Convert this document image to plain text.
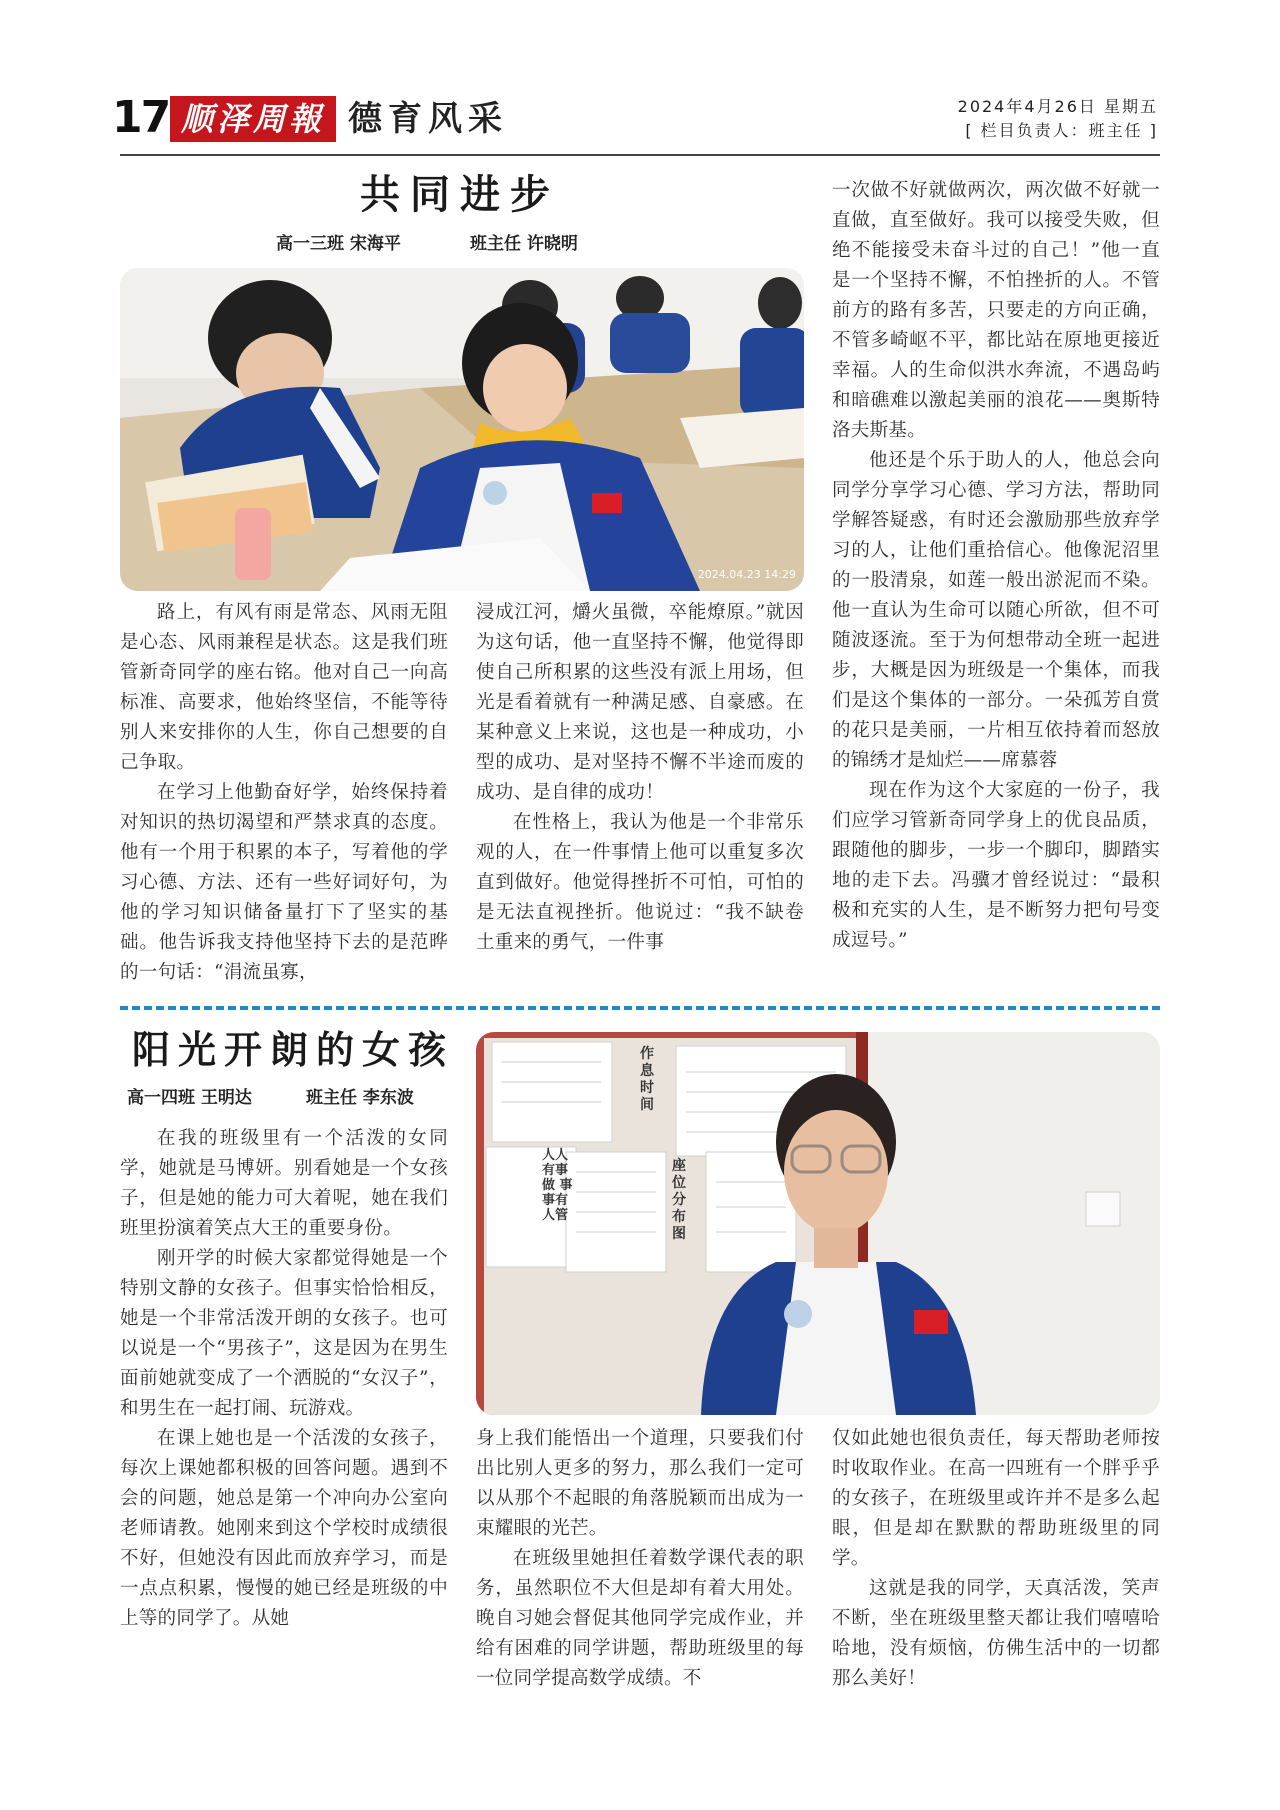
17 顺泽周報 德育风采	2024年4月26日 星期五
[ 栏目负责人：班主任 ]
共同进步
高一三班 宋海平	班主任 许晓明
2024.04.23 14:29

路上，有风有雨是常态、风雨无阻是心态、风雨兼程是状态。这是我们班管新奇同学的座右铭。他对自己一向高标准、高要求，他始终坚信，不能等待别人来安排你的人生，你自己想要的自己争取。

在学习上他勤奋好学，始终保持着对知识的热切渴望和严禁求真的态度。他有一个用于积累的本子，写着他的学习心德、方法、还有一些好词好句，为他的学习知识储备量打下了坚实的基础。他告诉我支持他坚持下去的是范晔的一句话：“涓流虽寡，

浸成江河，爝火虽微，卒能燎原。”就因为这句话，他一直坚持不懈，他觉得即使自己所积累的这些没有派上用场，但光是看着就有一种满足感、自豪感。在某种意义上来说，这也是一种成功，小型的成功、是对坚持不懈不半途而废的成功、是自律的成功！

在性格上，我认为他是一个非常乐观的人，在一件事情上他可以重复多次直到做好。他觉得挫折不可怕，可怕的是无法直视挫折。他说过：“我不缺卷土重来的勇气，一件事

一次做不好就做两次，两次做不好就一直做，直至做好。我可以接受失败，但绝不能接受未奋斗过的自己！”他一直是一个坚持不懈，不怕挫折的人。不管前方的路有多苦，只要走的方向正确，不管多崎岖不平，都比站在原地更接近幸福。人的生命似洪水奔流，不遇岛屿和暗礁难以激起美丽的浪花——奥斯特洛夫斯基。

他还是个乐于助人的人，他总会向同学分享学习心德、学习方法，帮助同学解答疑惑，有时还会激励那些放弃学习的人，让他们重拾信心。他像泥沼里的一股清泉，如莲一般出淤泥而不染。他一直认为生命可以随心所欲，但不可随波逐流。至于为何想带动全班一起进步，大概是因为班级是一个集体，而我们是这个集体的一部分。一朵孤芳自赏的花只是美丽，一片相互依持着而怒放的锦绣才是灿烂——席慕蓉

现在作为这个大家庭的一份子，我们应学习管新奇同学身上的优良品质，跟随他的脚步，一步一个脚印，脚踏实地的走下去。冯骥才曾经说过：“最积极和充实的人生，是不断努力把句号变成逗号。”

阳光开朗的女孩
高一四班 王明达	班主任 李东波
作息时间
人人有事做 事事有人管
座位分布图

在我的班级里有一个活泼的女同学，她就是马博妍。别看她是一个女孩子，但是她的能力可大着呢，她在我们班里扮演着笑点大王的重要身份。

刚开学的时候大家都觉得她是一个特别文静的女孩子。但事实恰恰相反，她是一个非常活泼开朗的女孩子。也可以说是一个“男孩子”，这是因为在男生面前她就变成了一个洒脱的“女汉子”，和男生在一起打闹、玩游戏。

在课上她也是一个活泼的女孩子，每次上课她都积极的回答问题。遇到不会的问题，她总是第一个冲向办公室向老师请教。她刚来到这个学校时成绩很不好，但她没有因此而放弃学习，而是一点点积累，慢慢的她已经是班级的中上等的同学了。从她

身上我们能悟出一个道理，只要我们付出比别人更多的努力，那么我们一定可以从那个不起眼的角落脱颖而出成为一束耀眼的光芒。

在班级里她担任着数学课代表的职务，虽然职位不大但是却有着大用处。晚自习她会督促其他同学完成作业，并给有困难的同学讲题，帮助班级里的每一位同学提高数学成绩。不

仅如此她也很负责任，每天帮助老师按时收取作业。在高一四班有一个胖乎乎的女孩子，在班级里或许并不是多么起眼，但是却在默默的帮助班级里的同学。

这就是我的同学，天真活泼，笑声不断，坐在班级里整天都让我们嘻嘻哈哈地，没有烦恼，仿佛生活中的一切都那么美好！
